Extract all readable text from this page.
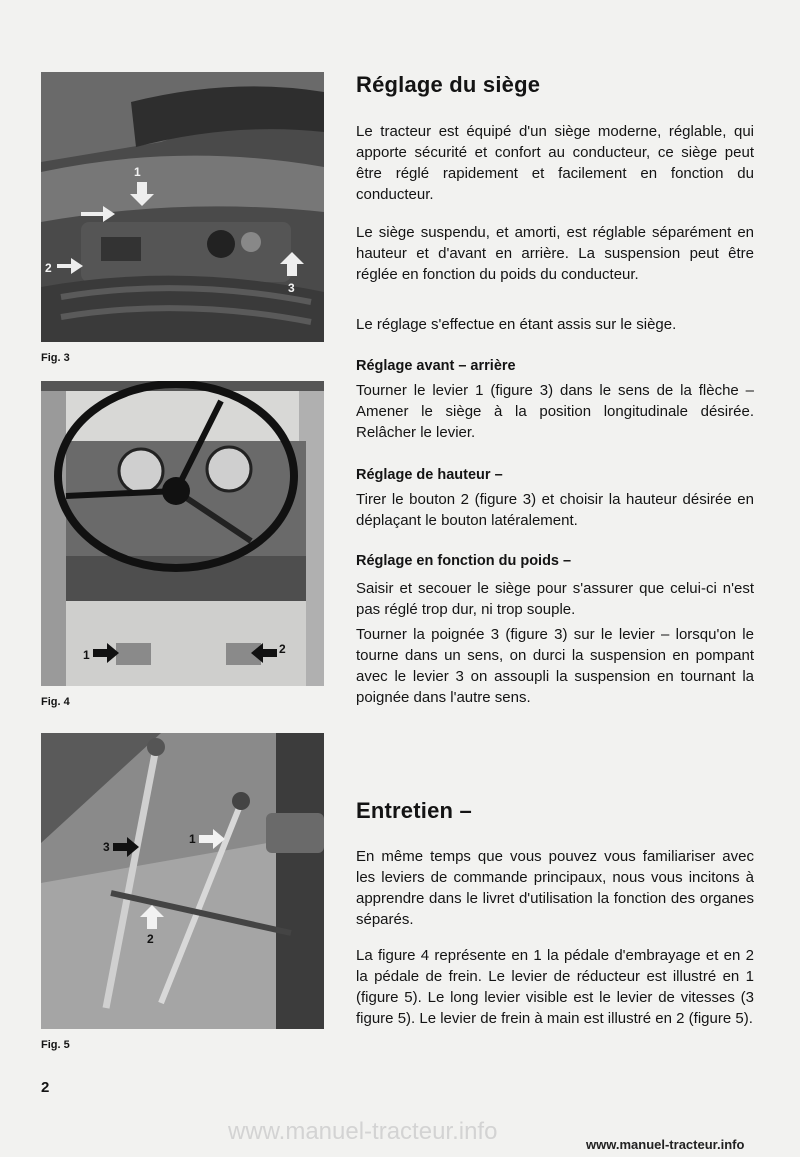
1
2
3
Fig. 3
1	2
Fig. 4
3
1
2
Fig. 5
Réglage du siège

Le tracteur est équipé d'un siège moderne, réglable, qui apporte sécurité et confort au conducteur, ce siège peut être réglé rapidement et facilement en fonction du conducteur.

Le siège suspendu, et amorti, est réglable séparément en hauteur et d'avant en arrière. La suspension peut être réglée en fonction du poids du conducteur.

Le réglage s'effectue en étant assis sur le siège.

Réglage avant – arrière

Tourner le levier 1 (figure 3) dans le sens de la flèche – Amener le siège à la position longitudinale désirée. Relâcher le levier.

Réglage de hauteur –

Tirer le bouton 2 (figure 3) et choisir la hauteur désirée en déplaçant le bouton latéralement.

Réglage en fonction du poids –

Saisir et secouer le siège pour s'assurer que celui-ci n'est pas réglé trop dur, ni trop souple.

Tourner la poignée 3 (figure 3) sur le levier – lorsqu'on le tourne dans un sens, on durci la suspension en pompant avec le levier 3 on assoupli la suspension en tournant la poignée dans l'autre sens.

Entretien –

En même temps que vous pouvez vous familiariser avec les leviers de commande principaux, nous vous incitons à apprendre dans le livret d'utilisation la fonction des organes séparés.

La figure 4 représente en 1 la pédale d'embrayage et en 2 la pédale de frein. Le levier de réducteur est illustré en 1 (figure 5). Le long levier visible est le levier de vitesses (3 figure 5). Le levier de frein à main est illustré en 2 (figure 5).

2
www.manuel-tracteur.info	www.manuel-tracteur.info
